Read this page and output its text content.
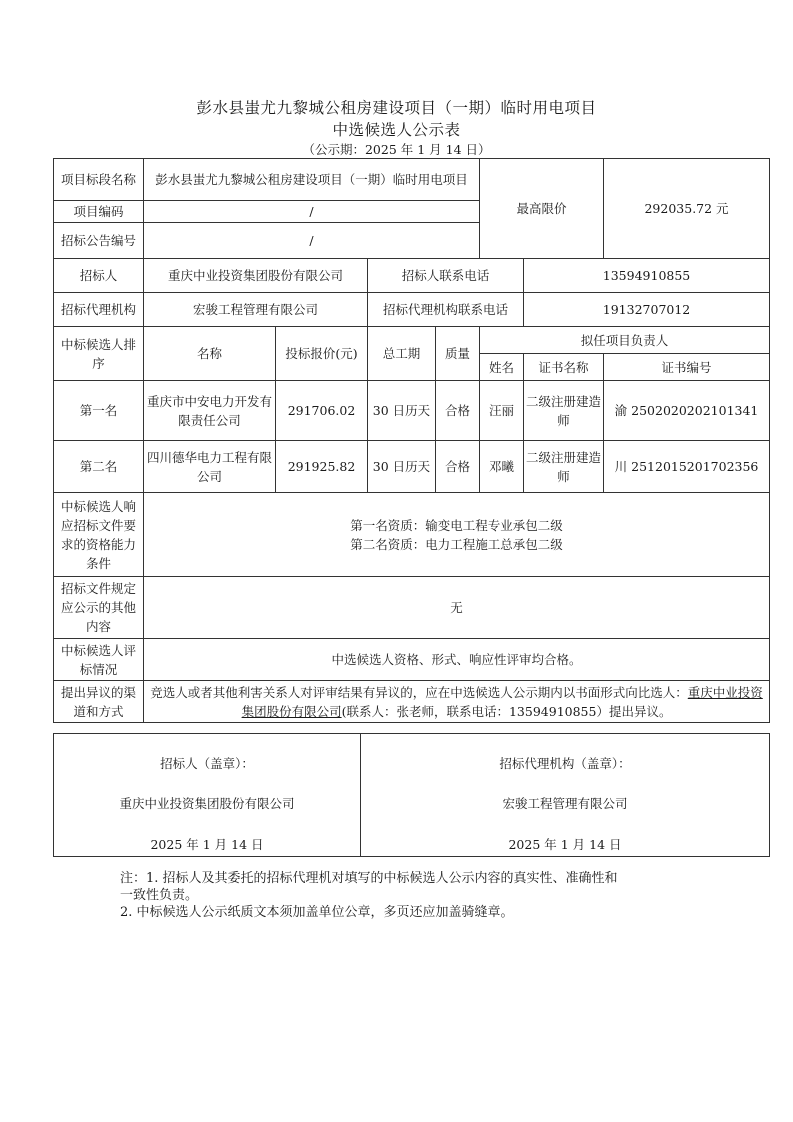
彭水县蚩尤九黎城公租房建设项目（一期）临时用电项目
中选候选人公示表
（公示期：2025 年 1 月 14 日）
项目标段名称	彭水县蚩尤九黎城公租房建设项目（一期）临时用电项目				最高限价		292035.72 元
项目编码	/						
招标公告编号	/						
招标人	重庆中业投资集团股份有限公司		招标人联系电话			13594910855	
招标代理机构	宏骏工程管理有限公司		招标代理机构联系电话			19132707012	
中标候选人排序	名称	投标报价(元)	总工期	质量	拟任项目负责人		
					姓名	证书名称	证书编号
第一名	重庆市中安电力开发有限责任公司	291706.02	30 日历天	合格	汪丽	二级注册建造师	渝 2502020202101341
第二名	四川德华电力工程有限公司	291925.82	30 日历天	合格	邓曦	二级注册建造师	川 2512015201702356
中标候选人响应招标文件要求的资格能力条件	第一名资质：输变电工程专业承包二级
第二名资质：电力工程施工总承包二级						

招标文件规定应公示的其他内容	无						
中标候选人评标情况	中选候选人资格、形式、响应性评审均合格。						
提出异议的渠道和方式	竞选人或者其他利害关系人对评审结果有异议的，应在中选候选人公示期内以书面形式向比选人：重庆中业投资集团股份有限公司(联系人：张老师，联系电话：13594910855）提出异议。						
招标人（盖章）：
重庆中业投资集团股份有限公司
2025 年 1 月 14 日

招标代理机构（盖章）：
宏骏工程管理有限公司
2025 年 1 月 14 日
注：1. 招标人及其委托的招标代理机对填写的中标候选人公示内容的真实性、准确性和
一致性负责。
2. 中标候选人公示纸质文本须加盖单位公章，多页还应加盖骑缝章。
